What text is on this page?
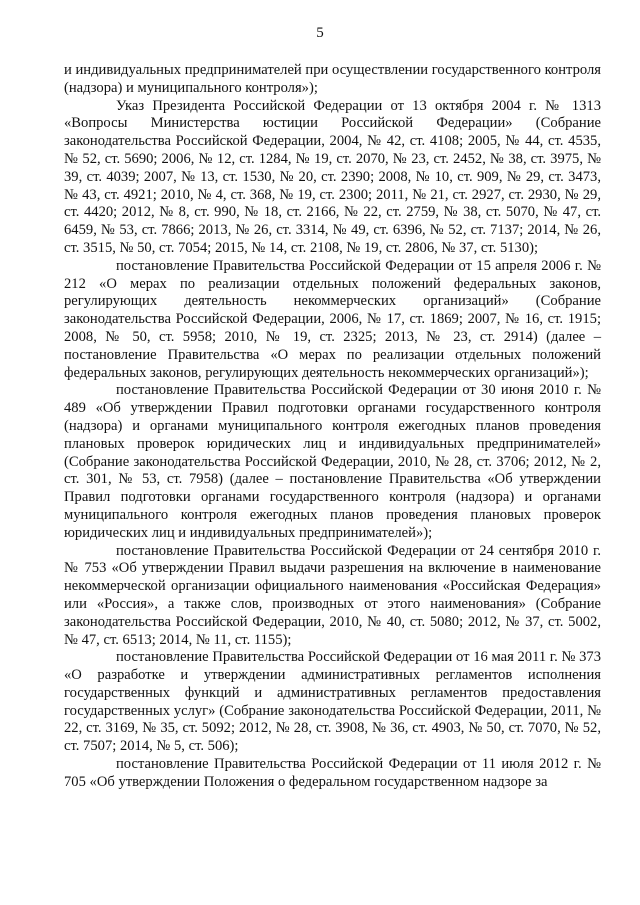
5

и индивидуальных предпринимателей при осуществлении государственного контроля (надзора) и муниципального контроля»);

Указ Президента Российской Федерации от 13 октября 2004 г. № 1313 «Вопросы Министерства юстиции Российской Федерации» (Собрание законодательства Российской Федерации, 2004, № 42, ст. 4108; 2005, № 44, ст. 4535, № 52, ст. 5690; 2006, № 12, ст. 1284, № 19, ст. 2070, № 23, ст. 2452, № 38, ст. 3975, № 39, ст. 4039; 2007, № 13, ст. 1530, № 20, ст. 2390; 2008, № 10, ст. 909, № 29, ст. 3473, № 43, ст. 4921; 2010, № 4, ст. 368, № 19, ст. 2300; 2011, № 21, ст. 2927, ст. 2930, № 29, ст. 4420; 2012, № 8, ст. 990, № 18, ст. 2166, № 22, ст. 2759, № 38, ст. 5070, № 47, ст. 6459, № 53, ст. 7866; 2013, № 26, ст. 3314, № 49, ст. 6396, № 52, ст. 7137; 2014, № 26, ст. 3515, № 50, ст. 7054; 2015, № 14, ст. 2108, № 19, ст. 2806, № 37, ст. 5130);

постановление Правительства Российской Федерации от 15 апреля 2006 г. № 212 «О мерах по реализации отдельных положений федеральных законов, регулирующих деятельность некоммерческих организаций» (Собрание законодательства Российской Федерации, 2006, № 17, ст. 1869; 2007, № 16, ст. 1915; 2008, № 50, ст. 5958; 2010, № 19, ст. 2325; 2013, № 23, ст. 2914) (далее – постановление Правительства «О мерах по реализации отдельных положений федеральных законов, регулирующих деятельность некоммерческих организаций»);

постановление Правительства Российской Федерации от 30 июня 2010 г. № 489 «Об утверждении Правил подготовки органами государственного контроля (надзора) и органами муниципального контроля ежегодных планов проведения плановых проверок юридических лиц и индивидуальных предпринимателей» (Собрание законодательства Российской Федерации, 2010, № 28, ст. 3706; 2012, № 2, ст. 301, № 53, ст. 7958) (далее – постановление Правительства «Об утверждении Правил подготовки органами государственного контроля (надзора) и органами муниципального контроля ежегодных планов проведения плановых проверок юридических лиц и индивидуальных предпринимателей»);

постановление Правительства Российской Федерации от 24 сентября 2010 г. № 753 «Об утверждении Правил выдачи разрешения на включение в наименование некоммерческой организации официального наименования «Российская Федерация» или «Россия», а также слов, производных от этого наименования» (Собрание законодательства Российской Федерации, 2010, № 40, ст. 5080; 2012, № 37, ст. 5002, № 47, ст. 6513; 2014, № 11, ст. 1155);

постановление Правительства Российской Федерации от 16 мая 2011 г. № 373 «О разработке и утверждении административных регламентов исполнения государственных функций и административных регламентов предоставления государственных услуг» (Собрание законодательства Российской Федерации, 2011, № 22, ст. 3169, № 35, ст. 5092; 2012, № 28, ст. 3908, № 36, ст. 4903, № 50, ст. 7070, № 52, ст. 7507; 2014, № 5, ст. 506);

постановление Правительства Российской Федерации от 11 июля 2012 г. № 705 «Об утверждении Положения о федеральном государственном надзоре за
